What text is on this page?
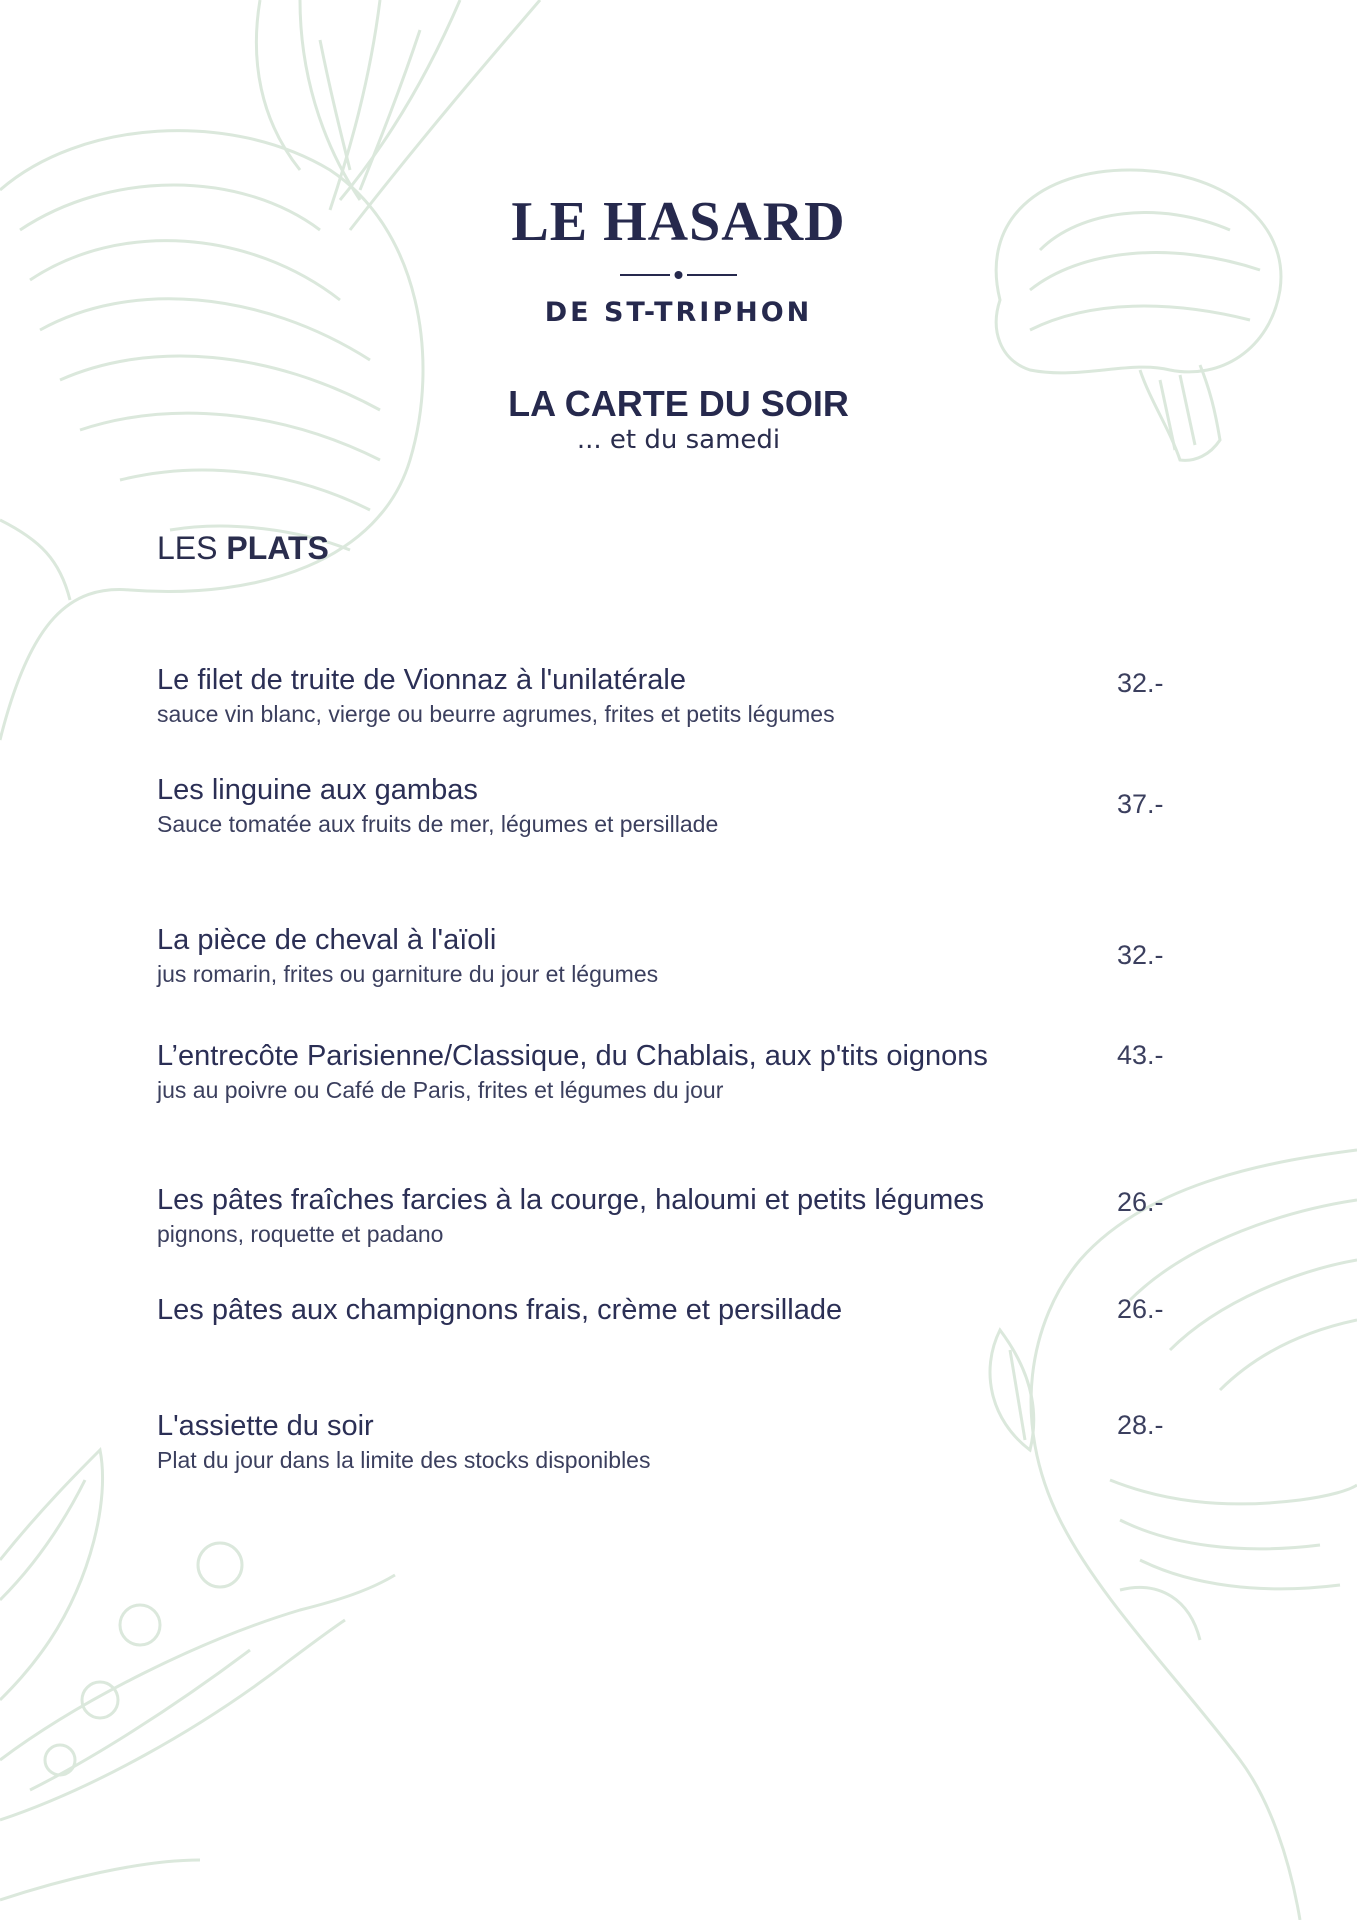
LE HASARD
DE ST-TRIPHON
LA CARTE DU SOIR
... et du samedi
LES PLATS
Le filet de truite de Vionnaz à l'unilatérale
sauce vin blanc, vierge ou beurre agrumes, frites et petits légumes
32.-
Les linguine aux gambas
Sauce tomatée aux fruits de mer, légumes et persillade
37.-
La pièce de cheval à l'aïoli
jus romarin, frites ou garniture du jour et légumes
32.-
L’entrecôte Parisienne/Classique, du Chablais, aux p'tits oignons
jus au poivre ou Café de Paris, frites et légumes du jour
43.-
Les pâtes fraîches farcies à la courge, haloumi et petits légumes
pignons, roquette et padano
26.-
Les pâtes aux champignons frais, crème et persillade	26.-
L'assiette du soir
Plat du jour dans la limite des stocks disponibles
28.-
